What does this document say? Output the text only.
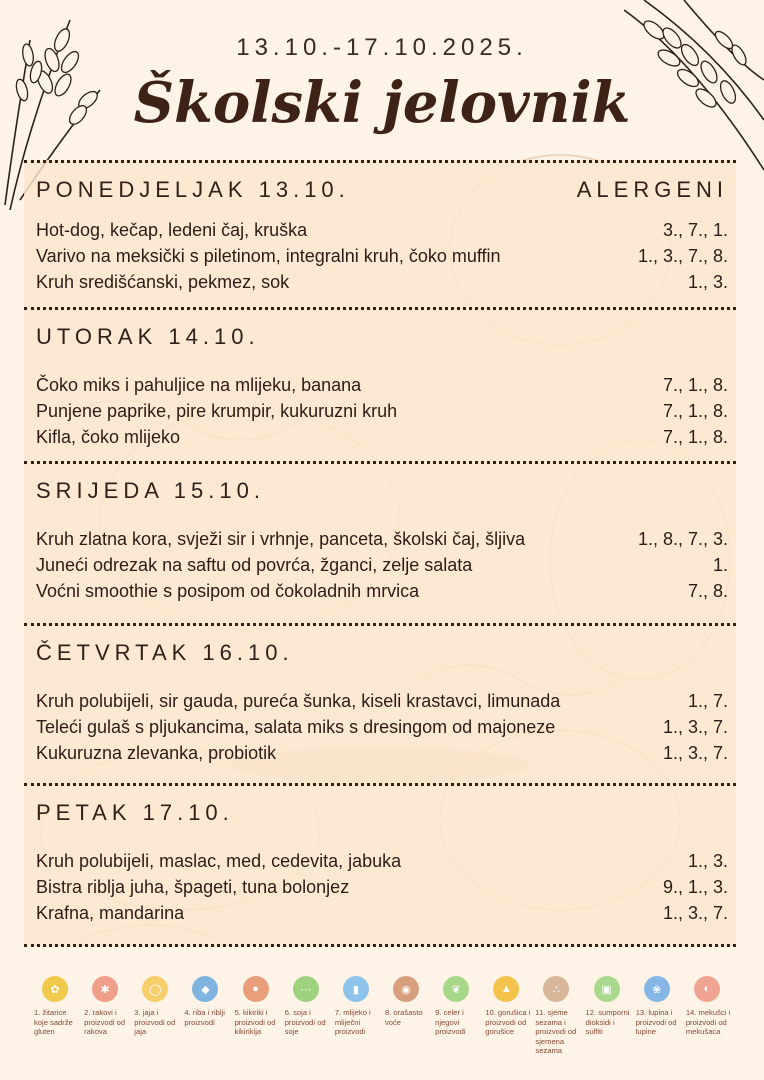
13.10.-17.10.2025.
Školski jelovnik
PONEDJELJAK 13.10.	ALERGENI
Hot-dog, kečap, ledeni čaj, kruška	3., 7., 1.
Varivo na meksički s piletinom, integralni kruh, čoko muffin	1., 3., 7., 8.
Kruh središćanski, pekmez, sok	1., 3.
UTORAK 14.10.
Čoko miks i pahuljice na mlijeku, banana	7., 1., 8.
Punjene paprike, pire krumpir, kukuruzni kruh	7., 1., 8.
Kifla, čoko mlijeko	7., 1., 8.
SRIJEDA 15.10.
Kruh zlatna kora, svježi sir i vrhnje, panceta, školski čaj, šljiva	1., 8., 7., 3.
Juneći odrezak na saftu od povrća, žganci, zelje salata	1.
Voćni smoothie s posipom od čokoladnih mrvica	7., 8.
ČETVRTAK 16.10.
Kruh polubijeli, sir gauda, pureća šunka, kiseli krastavci, limunada	1., 7.
Teleći gulaš s pljukancima, salata miks s dresingom od majoneze	1., 3., 7.
Kukuruzna zlevanka, probiotik	1., 3., 7.
PETAK 17.10.
Kruh polubijeli, maslac, med, cedevita, jabuka	1., 3.
Bistra riblja juha, špageti, tuna bolonjez	9., 1., 3.
Krafna, mandarina	1., 3., 7.
✿
1. žitarice koje sadrže gluten
✱
2. rakovi i proizvodi od rakova
◯
3. jaja i proizvodi od jaja
◆
4. riba i riblji proizvodi
●
5. kikiriki i proizvodi od kikirikija
⋯
6. soja i proizvodi od soje
▮
7. mlijeko i mliječni proizvodi
◉
8. orašasto voće
❦
9. celer i njegovi proizvodi
▲
10. gorušica i proizvodi od gorušice
∴
11. sjeme sezama i proizvodi od sjemena sezama
▣
12. sumporni dioksidi i sulfiti
❀
13. lupina i proizvodi od lupine
◐
14. mekušci i proizvodi od mekušaca
